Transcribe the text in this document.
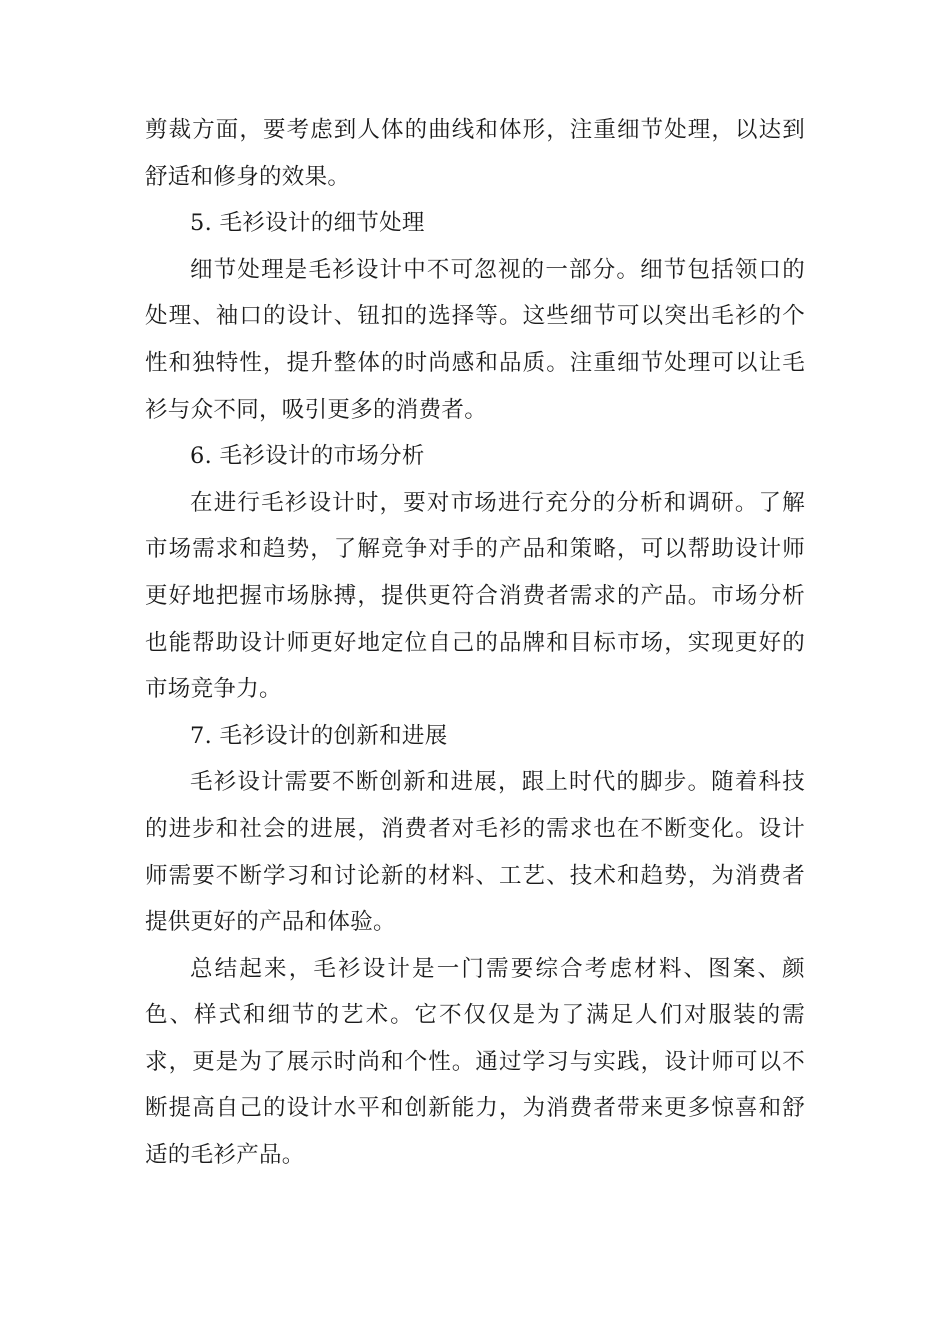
剪裁方面，要考虑到人体的曲线和体形，注重细节处理，以达到舒适和修身的效果。

5. 毛衫设计的细节处理

细节处理是毛衫设计中不可忽视的一部分。细节包括领口的处理、袖口的设计、钮扣的选择等。这些细节可以突出毛衫的个性和独特性，提升整体的时尚感和品质。注重细节处理可以让毛衫与众不同，吸引更多的消费者。

6. 毛衫设计的市场分析

在进行毛衫设计时，要对市场进行充分的分析和调研。了解市场需求和趋势，了解竞争对手的产品和策略，可以帮助设计师更好地把握市场脉搏，提供更符合消费者需求的产品。市场分析也能帮助设计师更好地定位自己的品牌和目标市场，实现更好的市场竞争力。

7. 毛衫设计的创新和进展

毛衫设计需要不断创新和进展，跟上时代的脚步。随着科技的进步和社会的进展，消费者对毛衫的需求也在不断变化。设计师需要不断学习和讨论新的材料、工艺、技术和趋势，为消费者提供更好的产品和体验。

总结起来，毛衫设计是一门需要综合考虑材料、图案、颜色、样式和细节的艺术。它不仅仅是为了满足人们对服装的需求，更是为了展示时尚和个性。通过学习与实践，设计师可以不断提高自己的设计水平和创新能力，为消费者带来更多惊喜和舒适的毛衫产品。
